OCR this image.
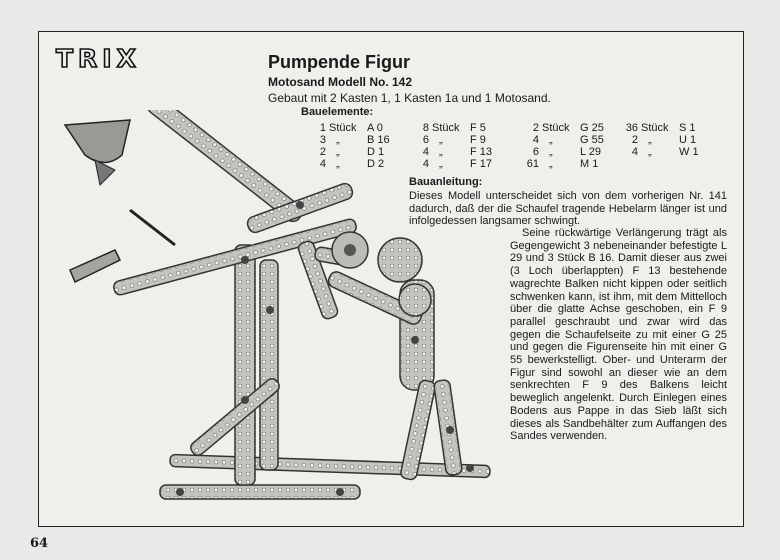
TRIX	Pumpende Figur
Motosand Modell No. 142
Gebaut mit 2 Kasten 1, 1 Kasten 1a und 1 Motosand.
Bauelemente:
1 Stück A 0
3 „ B 16
2 „ D 1
4 „ D 2
8 Stück F 5
6 „ F 9
4 „ F 13
4 „ F 17
2 Stück G 25
4 „ G 55
6 „ L 29
61 „ M 1
36 Stück S 1
2 „ U 1
4 „ W 1
Bauanleitung:
Dieses Modell unterscheidet sich von dem vorherigen Nr. 141 dadurch, daß der die Schaufel tragende Hebelarm länger ist und infolgedessen langsamer schwingt.
Seine rückwärtige Verlängerung trägt als Gegengewicht 3 nebeneinander befestigte L 29 und 3 Stück B 16. Damit dieser aus zwei (3 Loch überlappten) F 13 bestehende wagrechte Balken nicht kippen oder seitlich schwenken kann, ist ihm, mit dem Mittelloch über die glatte Achse geschoben, ein F 9 parallel geschraubt und zwar wird das gegen die Schaufelseite zu mit einer G 25 und gegen die Figurenseite hin mit einer G 55 bewerkstelligt. Ober- und Unterarm der Figur sind sowohl an dieser wie an dem senkrechten F 9 des Balkens leicht beweglich angelenkt. Durch Einlegen eines Bodens aus Pappe in das Sieb läßt sich dieses als Sandbehälter zum Auffangen des Sandes verwenden.
64
